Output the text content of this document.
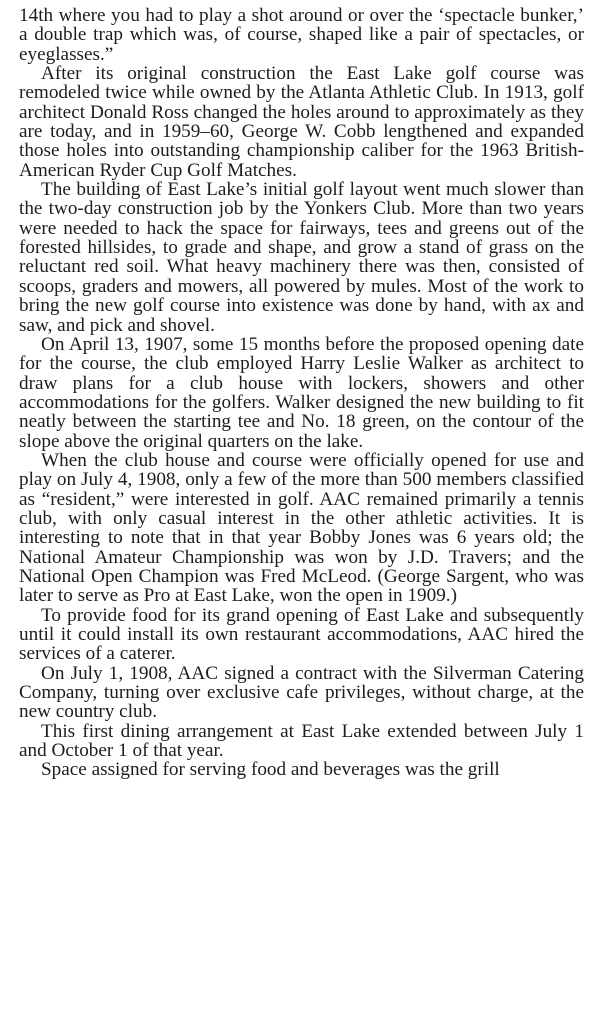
14th where you had to play a shot around or over the ‘spectacle bunker,’ a double trap which was, of course, shaped like a pair of spectacles, or eyeglasses.”

After its original construction the East Lake golf course was remodeled twice while owned by the Atlanta Athletic Club. In 1913, golf architect Donald Ross changed the holes around to approximately as they are today, and in 1959–60, George W. Cobb lengthened and expanded those holes into outstanding championship caliber for the 1963 British-American Ryder Cup Golf Matches.

The building of East Lake’s initial golf layout went much slower than the two-day construction job by the Yonkers Club. More than two years were needed to hack the space for fairways, tees and greens out of the forested hillsides, to grade and shape, and grow a stand of grass on the reluctant red soil. What heavy machinery there was then, consisted of scoops, graders and mowers, all powered by mules. Most of the work to bring the new golf course into existence was done by hand, with ax and saw, and pick and shovel.

On April 13, 1907, some 15 months before the proposed opening date for the course, the club employed Harry Leslie Walker as architect to draw plans for a club house with lockers, showers and other accommodations for the golfers. Walker designed the new building to fit neatly between the starting tee and No. 18 green, on the contour of the slope above the original quarters on the lake.

When the club house and course were officially opened for use and play on July 4, 1908, only a few of the more than 500 members classified as “resident,” were interested in golf. AAC remained primarily a tennis club, with only casual interest in the other athletic activities. It is interesting to note that in that year Bobby Jones was 6 years old; the National Amateur Championship was won by J.D. Travers; and the National Open Champion was Fred McLeod. (George Sargent, who was later to serve as Pro at East Lake, won the open in 1909.)

To provide food for its grand opening of East Lake and subsequently until it could install its own restaurant accommodations, AAC hired the services of a caterer.

On July 1, 1908, AAC signed a contract with the Silverman Catering Company, turning over exclusive cafe privileges, without charge, at the new country club.

This first dining arrangement at East Lake extended between July 1 and October 1 of that year.

Space assigned for serving food and beverages was the grill
